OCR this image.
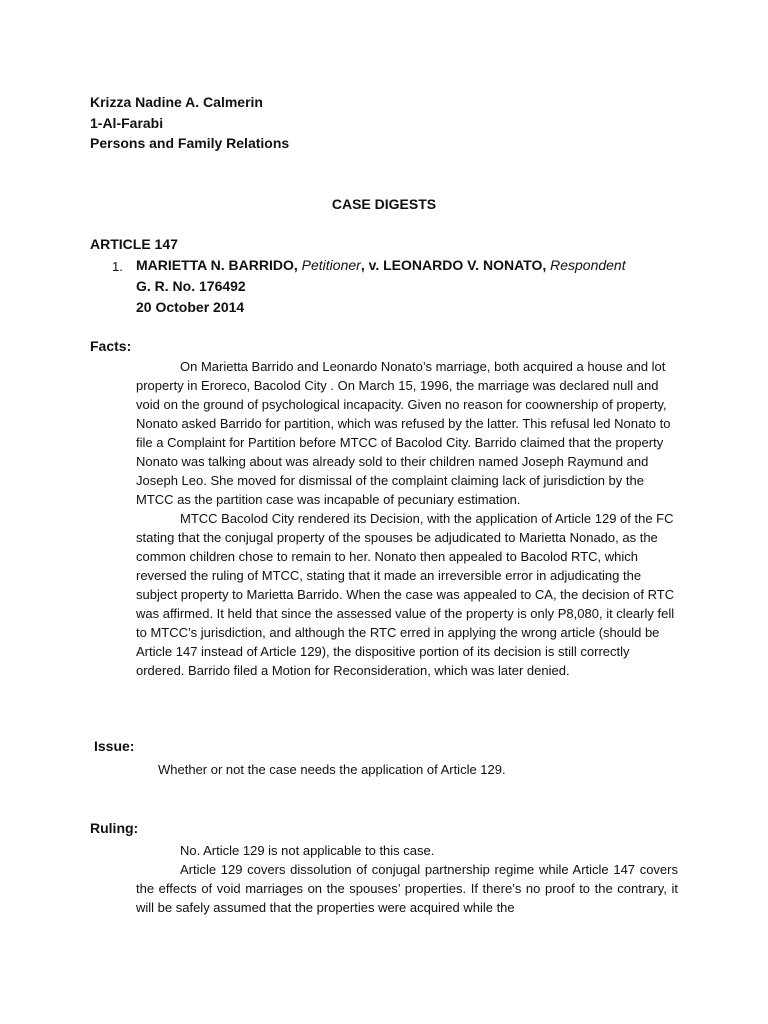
Krizza Nadine A. Calmerin
1-Al-Farabi
Persons and Family Relations
CASE DIGESTS
ARTICLE 147
1. MARIETTA N. BARRIDO, Petitioner, v. LEONARDO V. NONATO, Respondent
G. R. No. 176492
20 October 2014
Facts:

On Marietta Barrido and Leonardo Nonato’s marriage, both acquired a house and lot property in Eroreco, Bacolod City . On March 15, 1996, the marriage was declared null and void on the ground of psychological incapacity. Given no reason for coownership of property, Nonato asked Barrido for partition, which was refused by the latter. This refusal led Nonato to file a Complaint for Partition before MTCC of Bacolod City. Barrido claimed that the property Nonato was talking about was already sold to their children named Joseph Raymund and Joseph Leo. She moved for dismissal of the complaint claiming lack of jurisdiction by the MTCC as the partition case was incapable of pecuniary estimation.

MTCC Bacolod City rendered its Decision, with the application of Article 129 of the FC stating that the conjugal property of the spouses be adjudicated to Marietta Nonado, as the common children chose to remain to her. Nonato then appealed to Bacolod RTC, which reversed the ruling of MTCC, stating that it made an irreversible error in adjudicating the subject property to Marietta Barrido. When the case was appealed to CA, the decision of RTC was affirmed. It held that since the assessed value of the property is only P8,080, it clearly fell to MTCC’s jurisdiction, and although the RTC erred in applying the wrong article (should be Article 147 instead of Article 129), the dispositive portion of its decision is still correctly ordered. Barrido filed a Motion for Reconsideration, which was later denied.

Issue:

Whether or not the case needs the application of Article 129.

Ruling:

No. Article 129 is not applicable to this case.

Article 129 covers dissolution of conjugal partnership regime while Article 147 covers the effects of void marriages on the spouses’ properties. If there’s no proof to the contrary, it will be safely assumed that the properties were acquired while the
